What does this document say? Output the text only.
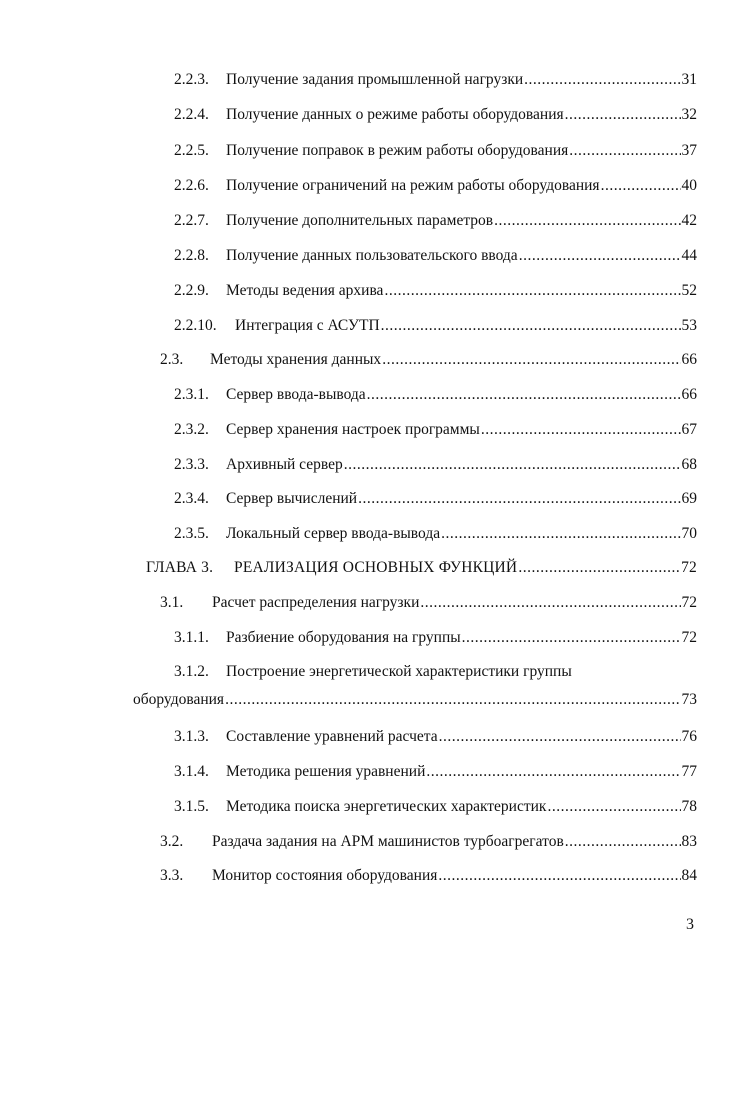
2.2.3.	Получение задания промышленной нагрузки .....	31
2.2.4.	Получение данных о режиме работы оборудования .....	32
2.2.5.	Получение поправок в режим работы оборудования .....	37
2.2.6.	Получение ограничений на режим работы оборудования .....	40
2.2.7.	Получение дополнительных параметров .....	42
2.2.8.	Получение данных пользовательского ввода .....	44
2.2.9.	Методы ведения архива .....	52
2.2.10.	Интеграция с АСУТП .....	53
2.3.	Методы хранения данных .....	66
2.3.1.	Сервер ввода-вывода .....	66
2.3.2.	Сервер хранения настроек программы .....	67
2.3.3.	Архивный сервер .....	68
2.3.4.	Сервер вычислений .....	69
2.3.5.	Локальный сервер ввода-вывода .....	70
ГЛАВА 3.	РЕАЛИЗАЦИЯ ОСНОВНЫХ ФУНКЦИЙ .....	72
3.1.	Расчет распределения нагрузки .....	72
3.1.1.	Разбиение оборудования на группы .....	72
3.1.2. Построение энергетической характеристики группы
оборудования .....	73
3.1.3.	Составление уравнений расчета .....	76
3.1.4.	Методика решения уравнений .....	77
3.1.5.	Методика поиска энергетических характеристик .....	78
3.2.	Раздача задания на АРМ машинистов турбоагрегатов .....	83
3.3.	Монитор состояния оборудования .....	84
3
